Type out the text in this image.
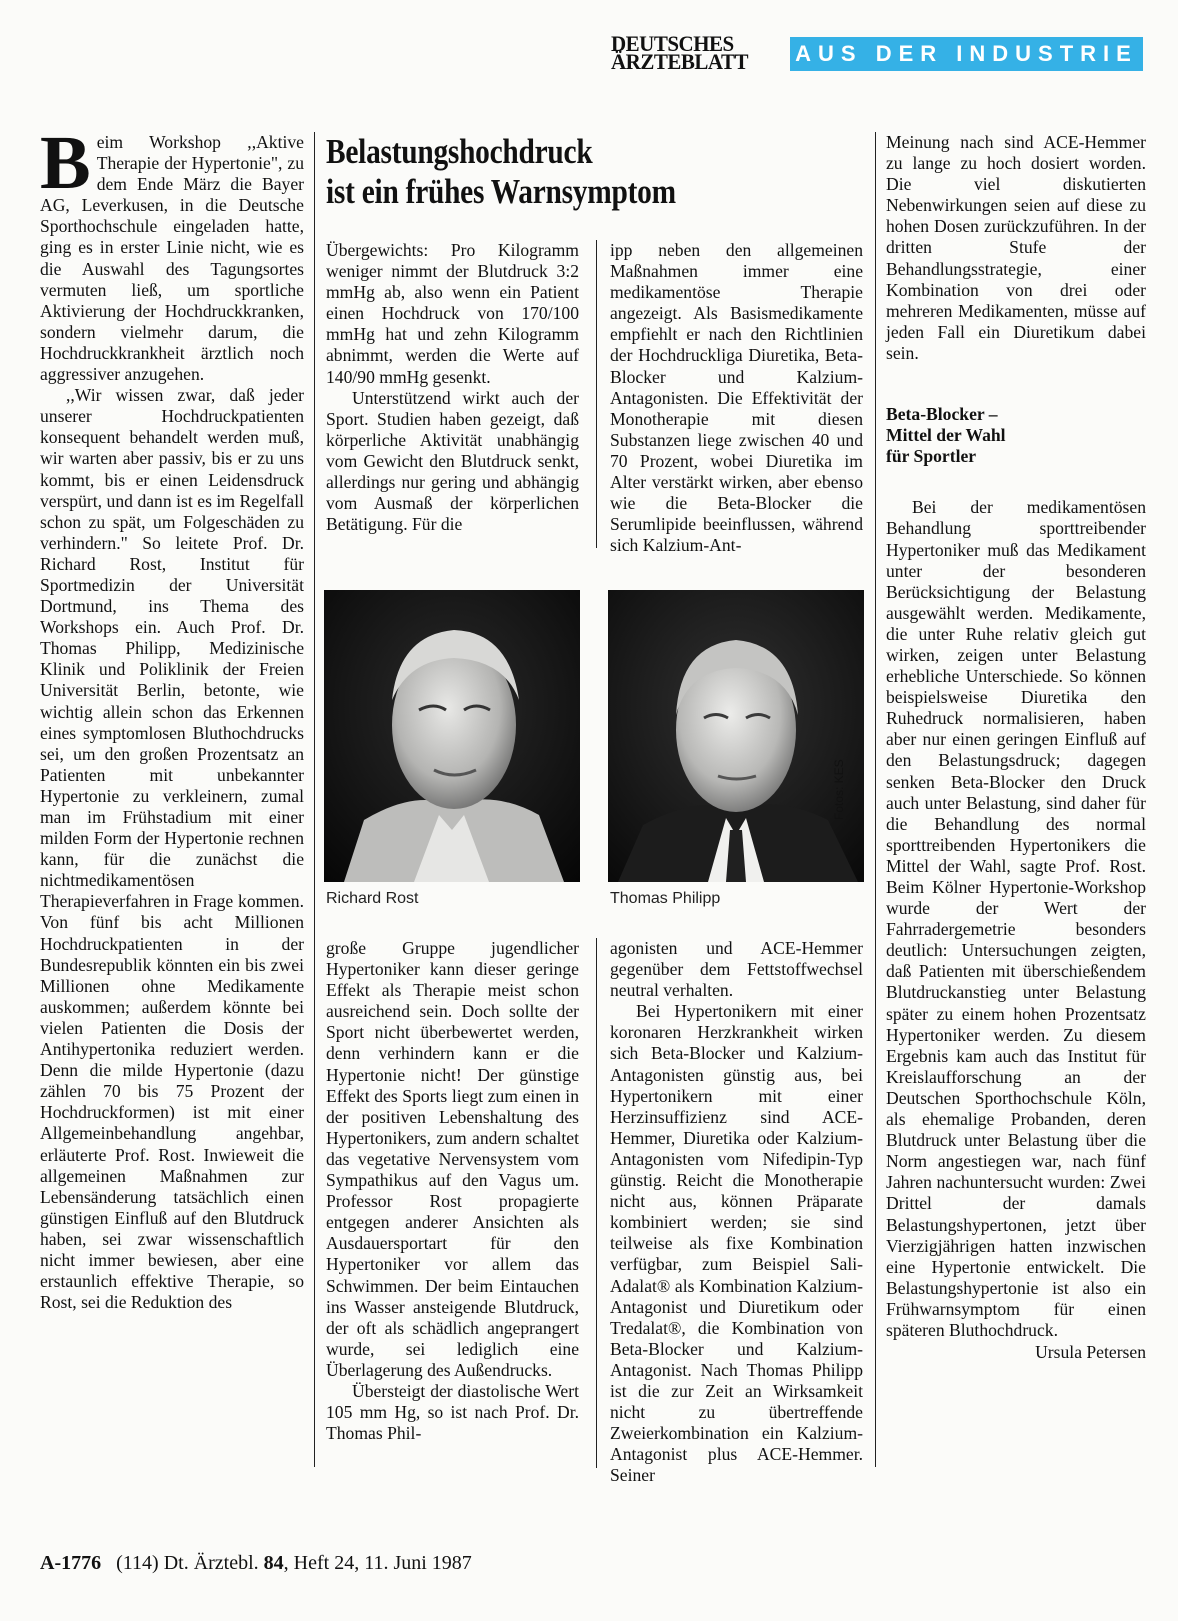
DEUTSCHES
ÄRZTEBLATT AUS DER INDUSTRIE

Beim Workshop ,,Aktive Therapie der Hypertonie", zu dem Ende März die Bayer AG, Leverkusen, in die Deutsche Sporthochschule eingeladen hatte, ging es in erster Linie nicht, wie es die Auswahl des Tagungsortes vermuten ließ, um sportliche Aktivierung der Hochdruckkranken, sondern vielmehr darum, die Hochdruckkrankheit ärztlich noch aggressiver anzugehen.

,,Wir wissen zwar, daß jeder unserer Hochdruckpatienten konsequent behandelt werden muß, wir warten aber passiv, bis er zu uns kommt, bis er einen Leidensdruck verspürt, und dann ist es im Regelfall schon zu spät, um Folgeschäden zu verhindern." So leitete Prof. Dr. Richard Rost, Institut für Sportmedizin der Universität Dortmund, ins Thema des Workshops ein. Auch Prof. Dr. Thomas Philipp, Medizinische Klinik und Poliklinik der Freien Universität Berlin, betonte, wie wichtig allein schon das Erkennen eines symptomlosen Bluthochdrucks sei, um den großen Prozentsatz an Patienten mit unbekannter Hypertonie zu verkleinern, zumal man im Frühstadium mit einer milden Form der Hypertonie rechnen kann, für die zunächst die nichtmedikamentösen Therapieverfahren in Frage kommen. Von fünf bis acht Millionen Hochdruckpatienten in der Bundesrepublik könnten ein bis zwei Millionen ohne Medikamente auskommen; außerdem könnte bei vielen Patienten die Dosis der Antihypertonika reduziert werden. Denn die milde Hypertonie (dazu zählen 70 bis 75 Prozent der Hochdruckformen) ist mit einer Allgemeinbehandlung angehbar, erläuterte Prof. Rost. Inwieweit die allgemeinen Maßnahmen zur Lebensänderung tatsächlich einen günstigen Einfluß auf den Blutdruck haben, sei zwar wissenschaftlich nicht immer bewiesen, aber eine erstaunlich effektive Therapie, so Rost, sei die Reduktion des

Belastungshochdruck
ist ein frühes Warnsymptom

Übergewichts: Pro Kilogramm weniger nimmt der Blutdruck 3:2 mmHg ab, also wenn ein Patient einen Hochdruck von 170/100 mmHg hat und zehn Kilogramm abnimmt, werden die Werte auf 140/90 mmHg gesenkt.

Unterstützend wirkt auch der Sport. Studien haben gezeigt, daß körperliche Aktivität unabhängig vom Gewicht den Blutdruck senkt, allerdings nur gering und abhängig vom Ausmaß der körperlichen Betätigung. Für die

ipp neben den allgemeinen Maßnahmen immer eine medikamentöse Therapie angezeigt. Als Basismedikamente empfiehlt er nach den Richtlinien der Hochdruckliga Diuretika, Beta-Blocker und Kalzium-Antagonisten. Die Effektivität der Monotherapie mit diesen Substanzen liege zwischen 40 und 70 Prozent, wobei Diuretika im Alter verstärkt wirken, aber ebenso wie die Beta-Blocker die Serumlipide beeinflussen, während sich Kalzium-Ant-

Richard Rost	Thomas Philipp
Fotos: KES

große Gruppe jugendlicher Hypertoniker kann dieser geringe Effekt als Therapie meist schon ausreichend sein. Doch sollte der Sport nicht überbewertet werden, denn verhindern kann er die Hypertonie nicht! Der günstige Effekt des Sports liegt zum einen in der positiven Lebenshaltung des Hypertonikers, zum andern schaltet das vegetative Nervensystem vom Sympathikus auf den Vagus um. Professor Rost propagierte entgegen anderer Ansichten als Ausdauersportart für den Hypertoniker vor allem das Schwimmen. Der beim Eintauchen ins Wasser ansteigende Blutdruck, der oft als schädlich angeprangert wurde, sei lediglich eine Überlagerung des Außendrucks.

Übersteigt der diastolische Wert 105 mm Hg, so ist nach Prof. Dr. Thomas Phil-

agonisten und ACE-Hemmer gegenüber dem Fettstoffwechsel neutral verhalten.

Bei Hypertonikern mit einer koronaren Herzkrankheit wirken sich Beta-Blocker und Kalzium-Antagonisten günstig aus, bei Hypertonikern mit einer Herzinsuffizienz sind ACE-Hemmer, Diuretika oder Kalzium-Antagonisten vom Nifedipin-Typ günstig. Reicht die Monotherapie nicht aus, können Präparate kombiniert werden; sie sind teilweise als fixe Kombination verfügbar, zum Beispiel Sali-Adalat® als Kombination Kalzium-Antagonist und Diuretikum oder Tredalat®, die Kombination von Beta-Blocker und Kalzium-Antagonist. Nach Thomas Philipp ist die zur Zeit an Wirksamkeit nicht zu übertreffende Zweierkombination ein Kalzium-Antagonist plus ACE-Hemmer. Seiner

Meinung nach sind ACE-Hemmer zu lange zu hoch dosiert worden. Die viel diskutierten Nebenwirkungen seien auf diese zu hohen Dosen zurückzuführen. In der dritten Stufe der Behandlungsstrategie, einer Kombination von drei oder mehreren Medikamenten, müsse auf jeden Fall ein Diuretikum dabei sein.

Beta-Blocker –
Mittel der Wahl
für Sportler

Bei der medikamentösen Behandlung sporttreibender Hypertoniker muß das Medikament unter der besonderen Berücksichtigung der Belastung ausgewählt werden. Medikamente, die unter Ruhe relativ gleich gut wirken, zeigen unter Belastung erhebliche Unterschiede. So können beispielsweise Diuretika den Ruhedruck normalisieren, haben aber nur einen geringen Einfluß auf den Belastungsdruck; dagegen senken Beta-Blocker den Druck auch unter Belastung, sind daher für die Behandlung des normal sporttreibenden Hypertonikers die Mittel der Wahl, sagte Prof. Rost. Beim Kölner Hypertonie-Workshop wurde der Wert der Fahrradergemetrie besonders deutlich: Untersuchungen zeigten, daß Patienten mit überschießendem Blutdruckanstieg unter Belastung später zu einem hohen Prozentsatz Hypertoniker werden. Zu diesem Ergebnis kam auch das Institut für Kreislaufforschung an der Deutschen Sporthochschule Köln, als ehemalige Probanden, deren Blutdruck unter Belastung über die Norm angestiegen war, nach fünf Jahren nachuntersucht wurden: Zwei Drittel der damals Belastungshypertonen, jetzt über Vierzigjährigen hatten inzwischen eine Hypertonie entwickelt. Die Belastungshypertonie ist also ein Frühwarnsymptom für einen späteren Bluthochdruck.

Ursula Petersen

A-1776 (114) Dt. Ärztebl. 84, Heft 24, 11. Juni 1987
